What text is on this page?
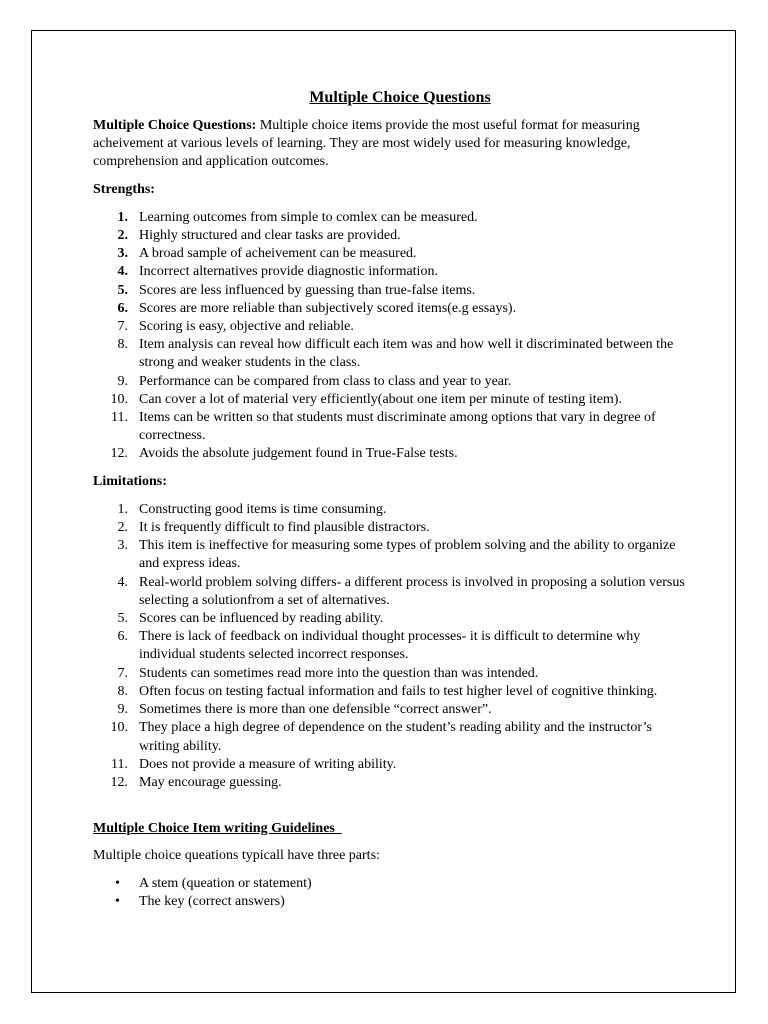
Multiple Choice Questions

Multiple Choice Questions: Multiple choice items provide the most useful format for measuring acheivement at various levels of learning. They are most widely used for measuring knowledge, comprehension and application outcomes.

Strengths:

1. Learning outcomes from simple to comlex can be measured.
2. Highly structured and clear tasks are provided.
3. A broad sample of acheivement can be measured.
4. Incorrect alternatives provide diagnostic information.
5. Scores are less influenced by guessing than true-false items.
6. Scores are more reliable than subjectively scored items(e.g essays).
7. Scoring is easy, objective and reliable.
8. Item analysis can reveal how difficult each item was and how well it discriminated between the strong and weaker students in the class.
9. Performance can be compared from class to class and year to year.
10. Can cover a lot of material very efficiently(about one item per minute of testing item).
11. Items can be written so that students must discriminate among options that vary in degree of correctness.
12. Avoids the absolute judgement found in True-False tests.

Limitations:

1. Constructing good items is time consuming.
2. It is frequently difficult to find plausible distractors.
3. This item is ineffective for measuring some types of problem solving and the ability to organize and express ideas.
4. Real-world problem solving differs- a different process is involved in proposing a solution versus selecting a solutionfrom a set of alternatives.
5. Scores can be influenced by reading ability.
6. There is lack of feedback on individual thought processes- it is difficult to determine why individual students selected incorrect responses.
7. Students can sometimes read more into the question than was intended.
8. Often focus on testing factual information and fails to test higher level of cognitive thinking.
9. Sometimes there is more than one defensible “correct answer”.
10. They place a high degree of dependence on the student’s reading ability and the instructor’s writing ability.
11. Does not provide a measure of writing ability.
12. May encourage guessing.

Multiple Choice Item writing Guidelines

Multiple choice queations typicall have three parts:

• A stem (queation or statement)
• The key (correct answers)
